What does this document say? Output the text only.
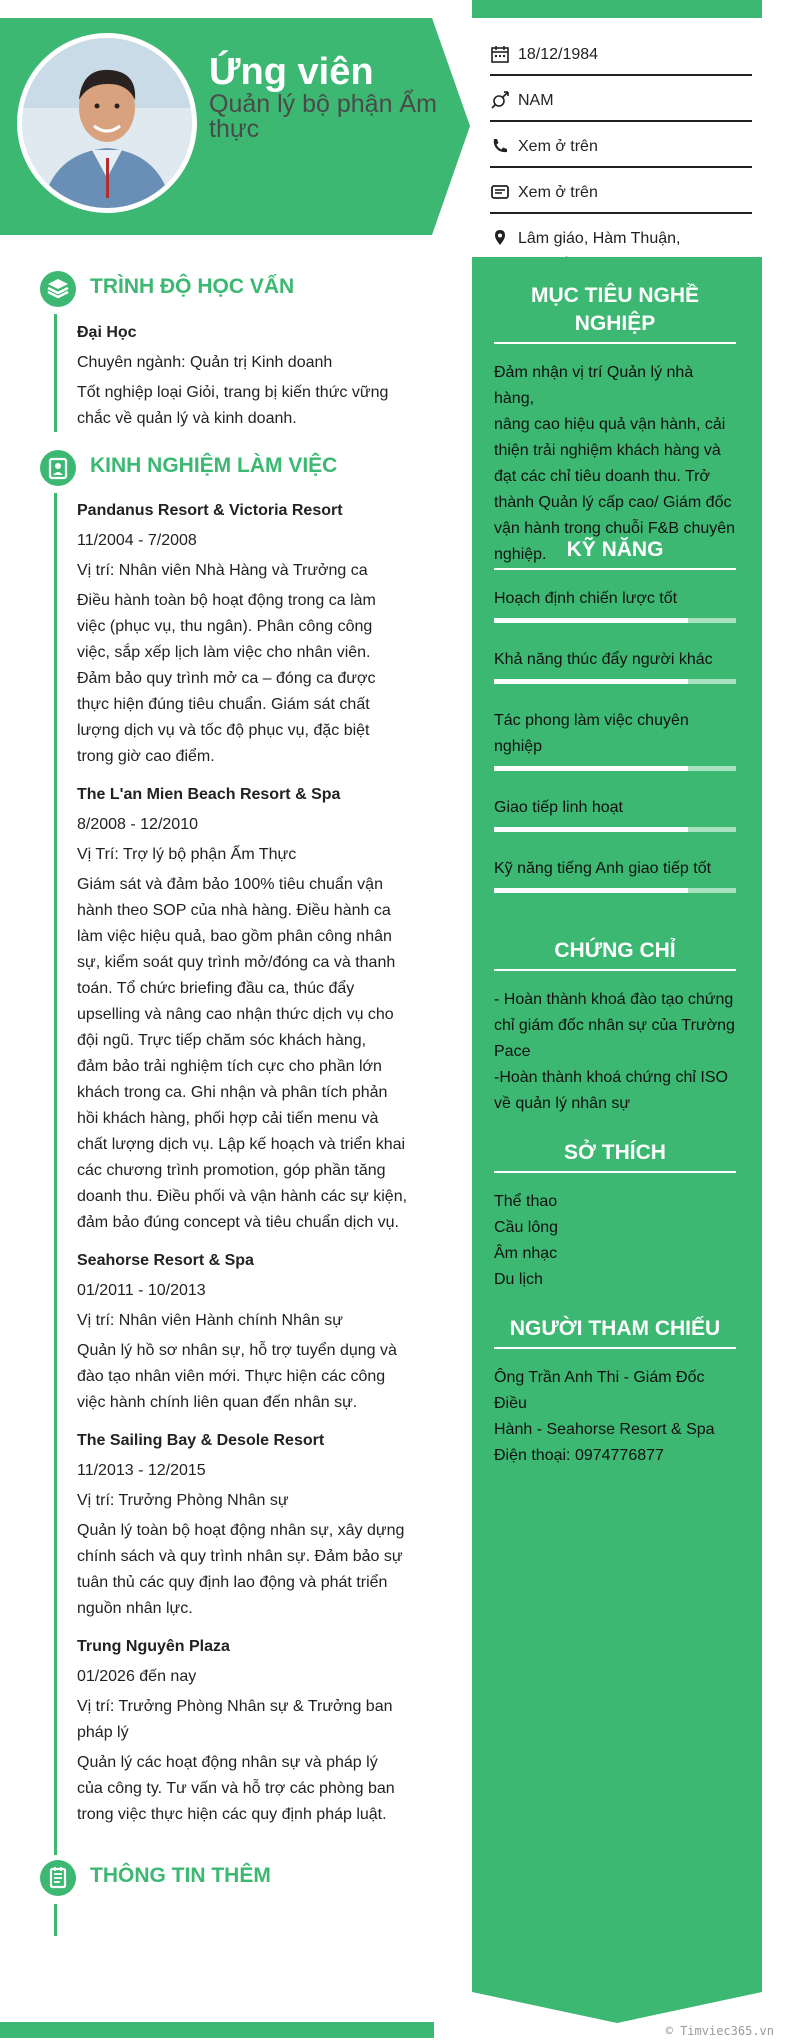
Ứng viên
Quản lý bộ phận Ẩm thực
18/12/1984
NAM
Xem ở trên
Xem ở trên
Lâm giáo, Hàm Thuận,
MỤC TIÊU NGHỀ NGHIỆP
Đảm nhận vị trí Quản lý nhà hàng,
nâng cao hiệu quả vận hành, cải
thiện trải nghiệm khách hàng và
đạt các chỉ tiêu doanh thu. Trở
thành Quản lý cấp cao/ Giám đốc
vận hành trong chuỗi F&B chuyên
nghiệp. KỸ NĂNG
Hoạch định chiến lược tốt
Khả năng thúc đẩy người khác
Tác phong làm việc chuyên
nghiệp
Giao tiếp linh hoạt
Kỹ năng tiếng Anh giao tiếp tốt
CHỨNG CHỈ
- Hoàn thành khoá đào tạo chứng
chỉ giám đốc nhân sự của Trường
Pace
-Hoàn thành khoá chứng chỉ ISO
về quản lý nhân sự
SỞ THÍCH
Thể thao
Cầu lông
Âm nhạc
Du lịch
NGƯỜI THAM CHIẾU
Ông Trần Anh Thi - Giám Đốc Điều
Hành - Seahorse Resort & Spa
Điện thoại: 0974776877
TRÌNH ĐỘ HỌC VẤN
Đại Học
Chuyên ngành: Quản trị Kinh doanh
Tốt nghiệp loại Giỏi, trang bị kiến thức vững
chắc về quản lý và kinh doanh.
KINH NGHIỆM LÀM VIỆC
Pandanus Resort & Victoria Resort
11/2004 - 7/2008
Vị trí: Nhân viên Nhà Hàng và Trưởng ca
Điều hành toàn bộ hoạt động trong ca làm
việc (phục vụ, thu ngân). Phân công công
việc, sắp xếp lịch làm việc cho nhân viên.
Đảm bảo quy trình mở ca – đóng ca được
thực hiện đúng tiêu chuẩn. Giám sát chất
lượng dịch vụ và tốc độ phục vụ, đặc biệt
trong giờ cao điểm.
The L'an Mien Beach Resort & Spa
8/2008 - 12/2010
Vị Trí: Trợ lý bộ phận Ẩm Thực
Giám sát và đảm bảo 100% tiêu chuẩn vận
hành theo SOP của nhà hàng. Điều hành ca
làm việc hiệu quả, bao gồm phân công nhân
sự, kiểm soát quy trình mở/đóng ca và thanh
toán. Tổ chức briefing đầu ca, thúc đẩy
upselling và nâng cao nhận thức dịch vụ cho
đội ngũ. Trực tiếp chăm sóc khách hàng,
đảm bảo trải nghiệm tích cực cho phần lớn
khách trong ca. Ghi nhận và phân tích phản
hồi khách hàng, phối hợp cải tiến menu và
chất lượng dịch vụ. Lập kế hoạch và triển khai
các chương trình promotion, góp phần tăng
doanh thu. Điều phối và vận hành các sự kiện,
đảm bảo đúng concept và tiêu chuẩn dịch vụ.
Seahorse Resort & Spa
01/2011 - 10/2013
Vị trí: Nhân viên Hành chính Nhân sự
Quản lý hồ sơ nhân sự, hỗ trợ tuyển dụng và
đào tạo nhân viên mới. Thực hiện các công
việc hành chính liên quan đến nhân sự.
The Sailing Bay & Desole Resort
11/2013 - 12/2015
Vị trí: Trưởng Phòng Nhân sự
Quản lý toàn bộ hoạt động nhân sự, xây dựng
chính sách và quy trình nhân sự. Đảm bảo sự
tuân thủ các quy định lao động và phát triển
nguồn nhân lực.
Trung Nguyên Plaza
01/2026 đến nay
Vị trí: Trưởng Phòng Nhân sự & Trưởng ban
pháp lý
Quản lý các hoạt động nhân sự và pháp lý
của công ty. Tư vấn và hỗ trợ các phòng ban
trong việc thực hiện các quy định pháp luật.
THÔNG TIN THÊM
© Timviec365.vn
